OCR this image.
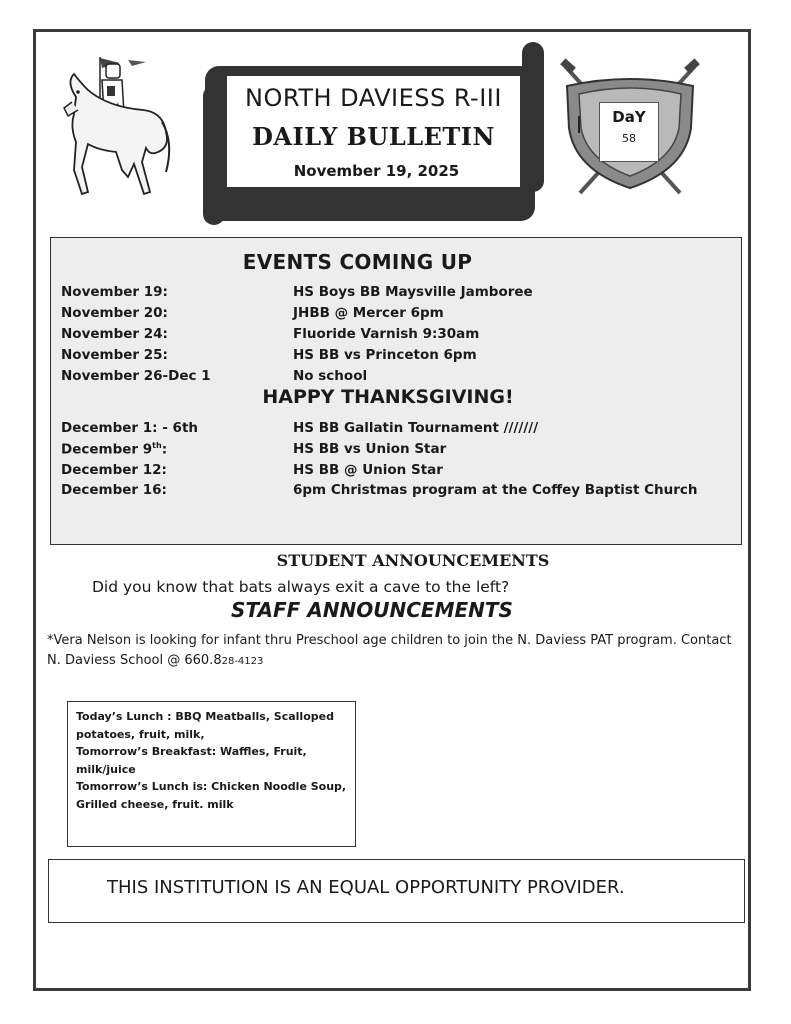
NORTH DAVIESS R-III
DAILY BULLETIN
November 19, 2025
DaY
58
EVENTS COMING UP
November 19:	HS Boys BB Maysville Jamboree
November 20:	JHBB @ Mercer 6pm
November 24:	Fluoride Varnish 9:30am
November 25:	HS BB vs Princeton 6pm
November 26-Dec 1	No school
HAPPY THANKSGIVING!
December 1: - 6th	HS BB Gallatin Tournament ///////
December 9th:	HS BB vs Union Star
December 12:	HS BB @ Union Star
December 16:	6pm Christmas program at the Coffey Baptist Church
STUDENT ANNOUNCEMENTS
Did you know that bats always exit a cave to the left?
STAFF ANNOUNCEMENTS
*Vera Nelson is looking for infant thru Preschool age children to join the N. Daviess PAT program. Contact N. Daviess School @ 660.828-4123
Today’s Lunch : BBQ Meatballs, Scalloped
potatoes, fruit, milk,
Tomorrow’s Breakfast: Waffles, Fruit,
milk/juice
Tomorrow’s Lunch is: Chicken Noodle Soup,
Grilled cheese, fruit. milk
THIS INSTITUTION IS AN EQUAL OPPORTUNITY PROVIDER.
